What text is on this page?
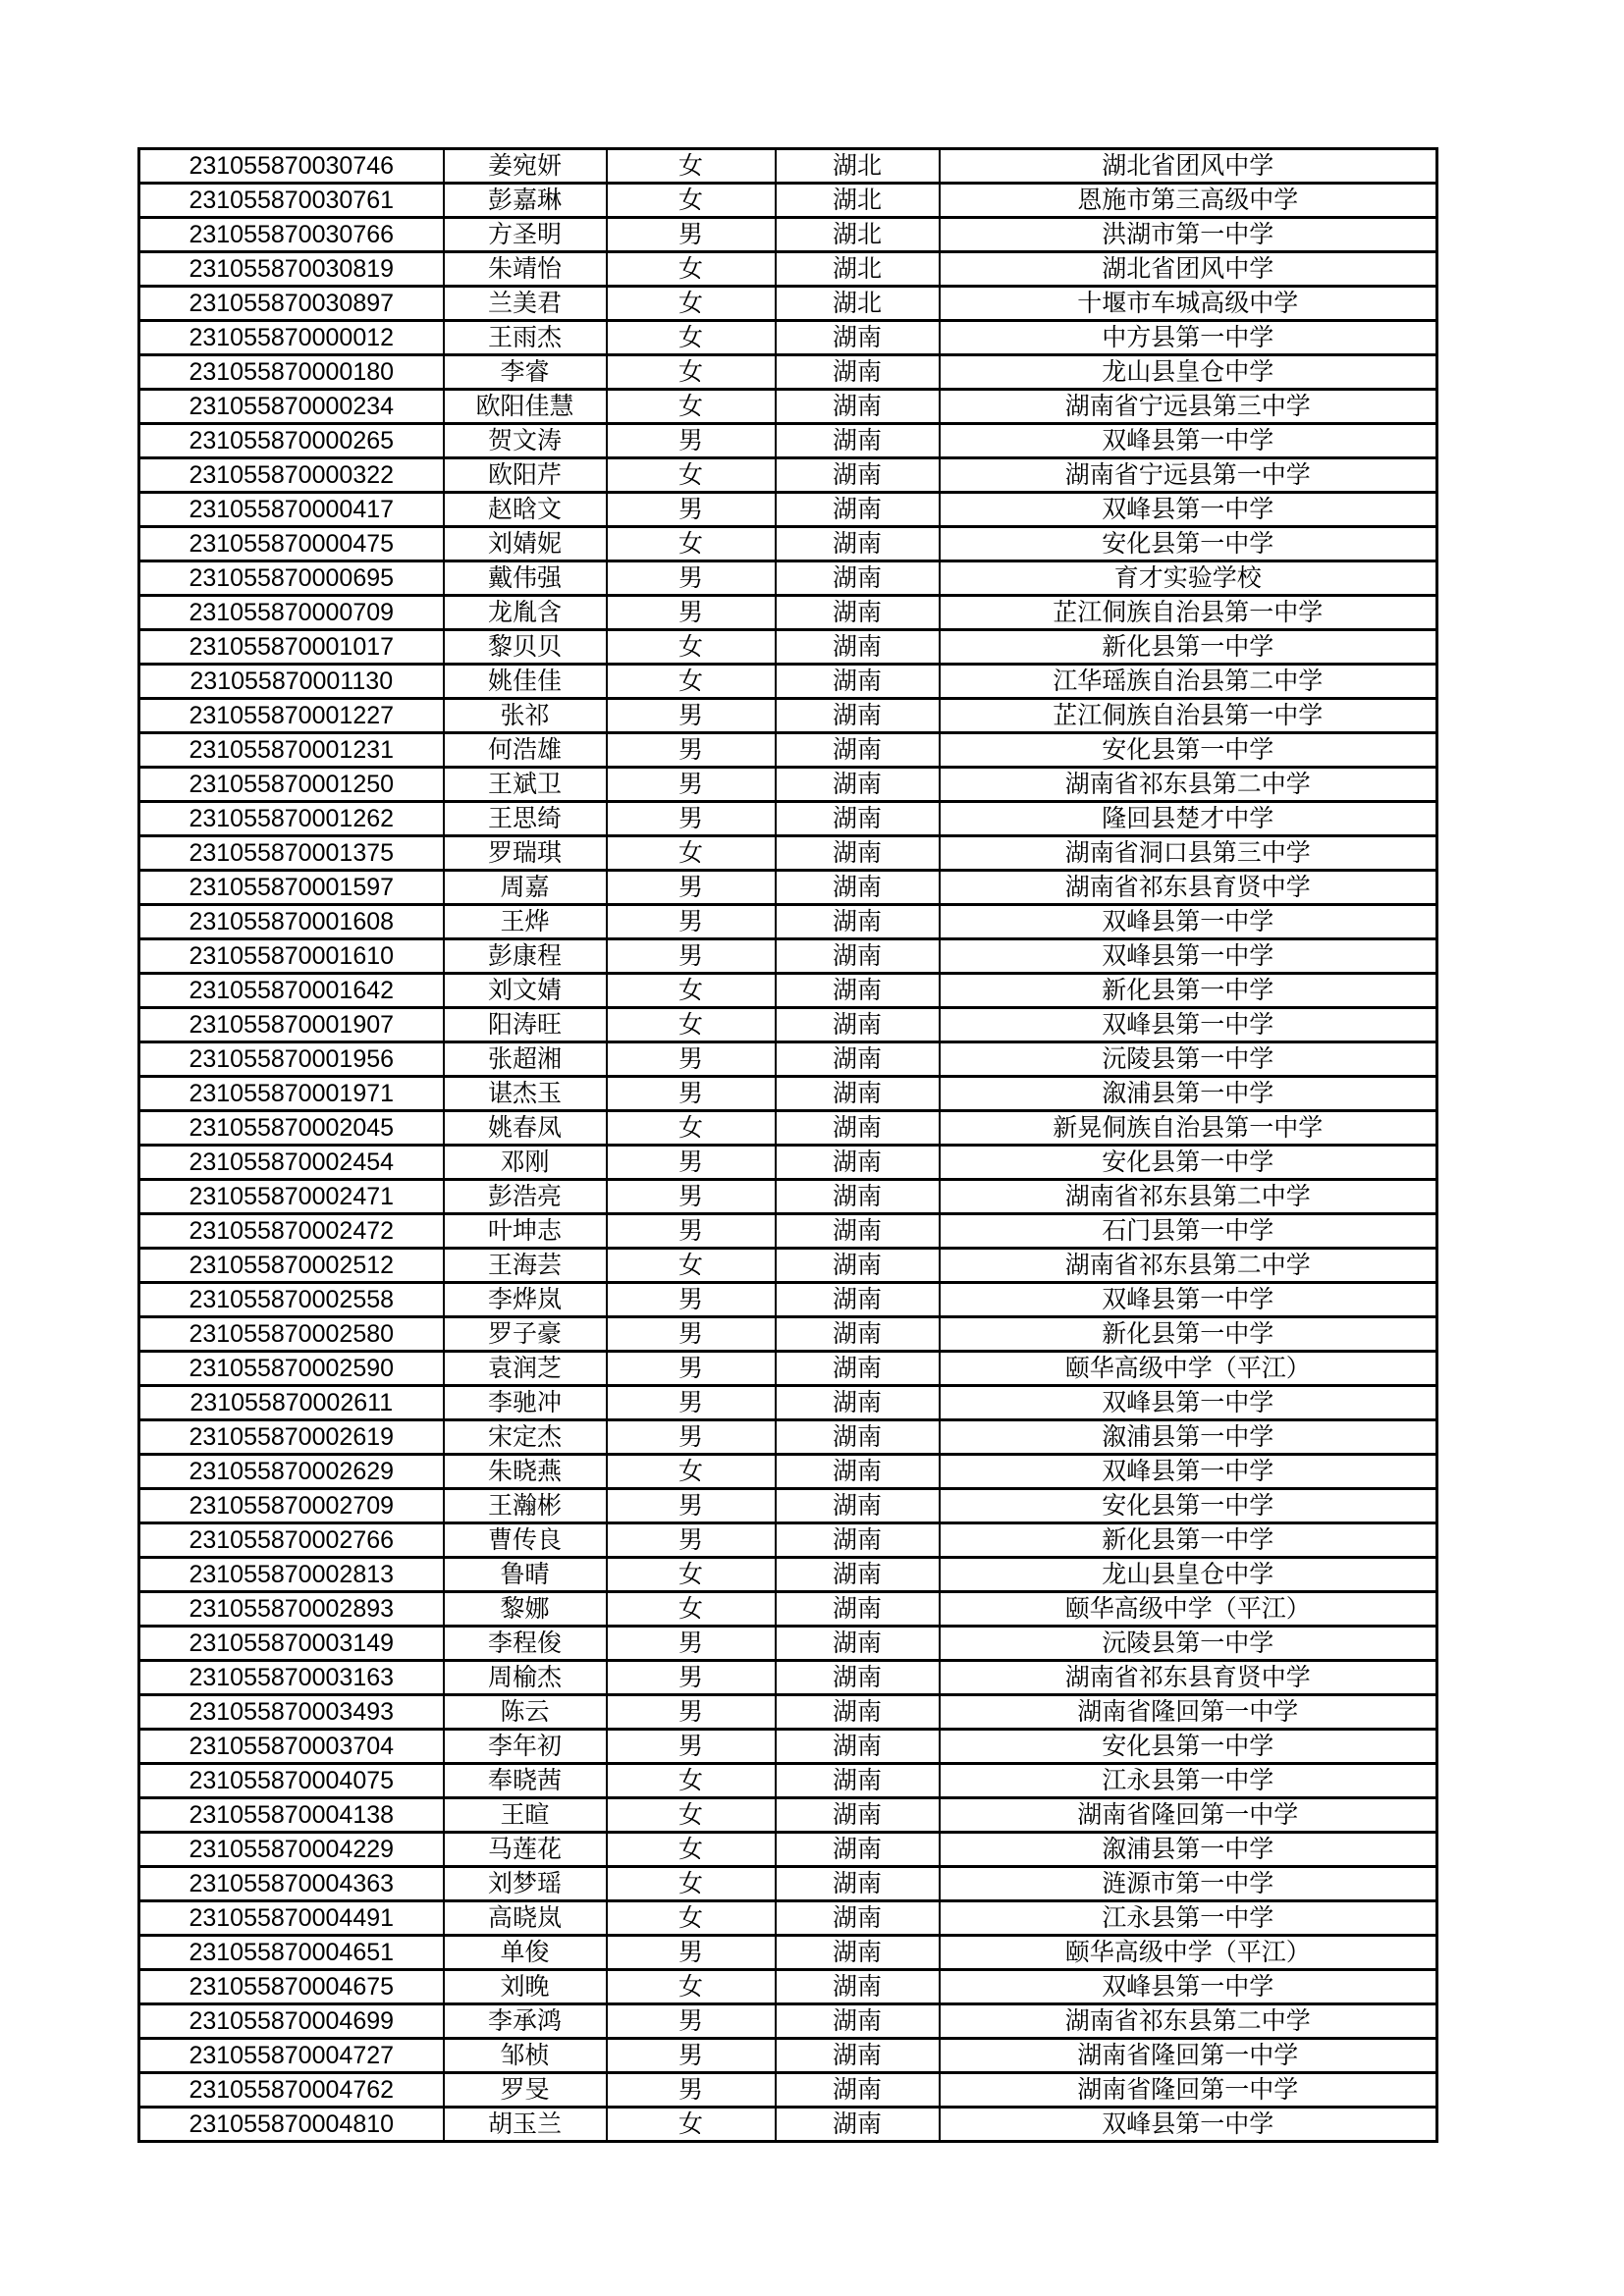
231055870030746	姜宛妍	女	湖北	湖北省团风中学
231055870030761	彭嘉琳	女	湖北	恩施市第三高级中学
231055870030766	方圣明	男	湖北	洪湖市第一中学
231055870030819	朱靖怡	女	湖北	湖北省团风中学
231055870030897	兰美君	女	湖北	十堰市车城高级中学
231055870000012	王雨杰	女	湖南	中方县第一中学
231055870000180	李睿	女	湖南	龙山县皇仓中学
231055870000234	欧阳佳慧	女	湖南	湖南省宁远县第三中学
231055870000265	贺文涛	男	湖南	双峰县第一中学
231055870000322	欧阳芹	女	湖南	湖南省宁远县第一中学
231055870000417	赵晗文	男	湖南	双峰县第一中学
231055870000475	刘婧妮	女	湖南	安化县第一中学
231055870000695	戴伟强	男	湖南	育才实验学校
231055870000709	龙胤含	男	湖南	芷江侗族自治县第一中学
231055870001017	黎贝贝	女	湖南	新化县第一中学
231055870001130	姚佳佳	女	湖南	江华瑶族自治县第二中学
231055870001227	张祁	男	湖南	芷江侗族自治县第一中学
231055870001231	何浩雄	男	湖南	安化县第一中学
231055870001250	王斌卫	男	湖南	湖南省祁东县第二中学
231055870001262	王思绮	男	湖南	隆回县楚才中学
231055870001375	罗瑞琪	女	湖南	湖南省洞口县第三中学
231055870001597	周嘉	男	湖南	湖南省祁东县育贤中学
231055870001608	王烨	男	湖南	双峰县第一中学
231055870001610	彭康程	男	湖南	双峰县第一中学
231055870001642	刘文婧	女	湖南	新化县第一中学
231055870001907	阳涛旺	女	湖南	双峰县第一中学
231055870001956	张超湘	男	湖南	沅陵县第一中学
231055870001971	谌杰玉	男	湖南	溆浦县第一中学
231055870002045	姚春凤	女	湖南	新晃侗族自治县第一中学
231055870002454	邓刚	男	湖南	安化县第一中学
231055870002471	彭浩亮	男	湖南	湖南省祁东县第二中学
231055870002472	叶坤志	男	湖南	石门县第一中学
231055870002512	王海芸	女	湖南	湖南省祁东县第二中学
231055870002558	李烨岚	男	湖南	双峰县第一中学
231055870002580	罗子豪	男	湖南	新化县第一中学
231055870002590	袁润芝	男	湖南	颐华高级中学（平江）
231055870002611	李驰冲	男	湖南	双峰县第一中学
231055870002619	宋定杰	男	湖南	溆浦县第一中学
231055870002629	朱晓燕	女	湖南	双峰县第一中学
231055870002709	王瀚彬	男	湖南	安化县第一中学
231055870002766	曹传良	男	湖南	新化县第一中学
231055870002813	鲁晴	女	湖南	龙山县皇仓中学
231055870002893	黎娜	女	湖南	颐华高级中学（平江）
231055870003149	李程俊	男	湖南	沅陵县第一中学
231055870003163	周榆杰	男	湖南	湖南省祁东县育贤中学
231055870003493	陈云	男	湖南	湖南省隆回第一中学
231055870003704	李年初	男	湖南	安化县第一中学
231055870004075	奉晓茜	女	湖南	江永县第一中学
231055870004138	王暄	女	湖南	湖南省隆回第一中学
231055870004229	马莲花	女	湖南	溆浦县第一中学
231055870004363	刘梦瑶	女	湖南	涟源市第一中学
231055870004491	高晓岚	女	湖南	江永县第一中学
231055870004651	单俊	男	湖南	颐华高级中学（平江）
231055870004675	刘晚	女	湖南	双峰县第一中学
231055870004699	李承鸿	男	湖南	湖南省祁东县第二中学
231055870004727	邹桢	男	湖南	湖南省隆回第一中学
231055870004762	罗旻	男	湖南	湖南省隆回第一中学
231055870004810	胡玉兰	女	湖南	双峰县第一中学
